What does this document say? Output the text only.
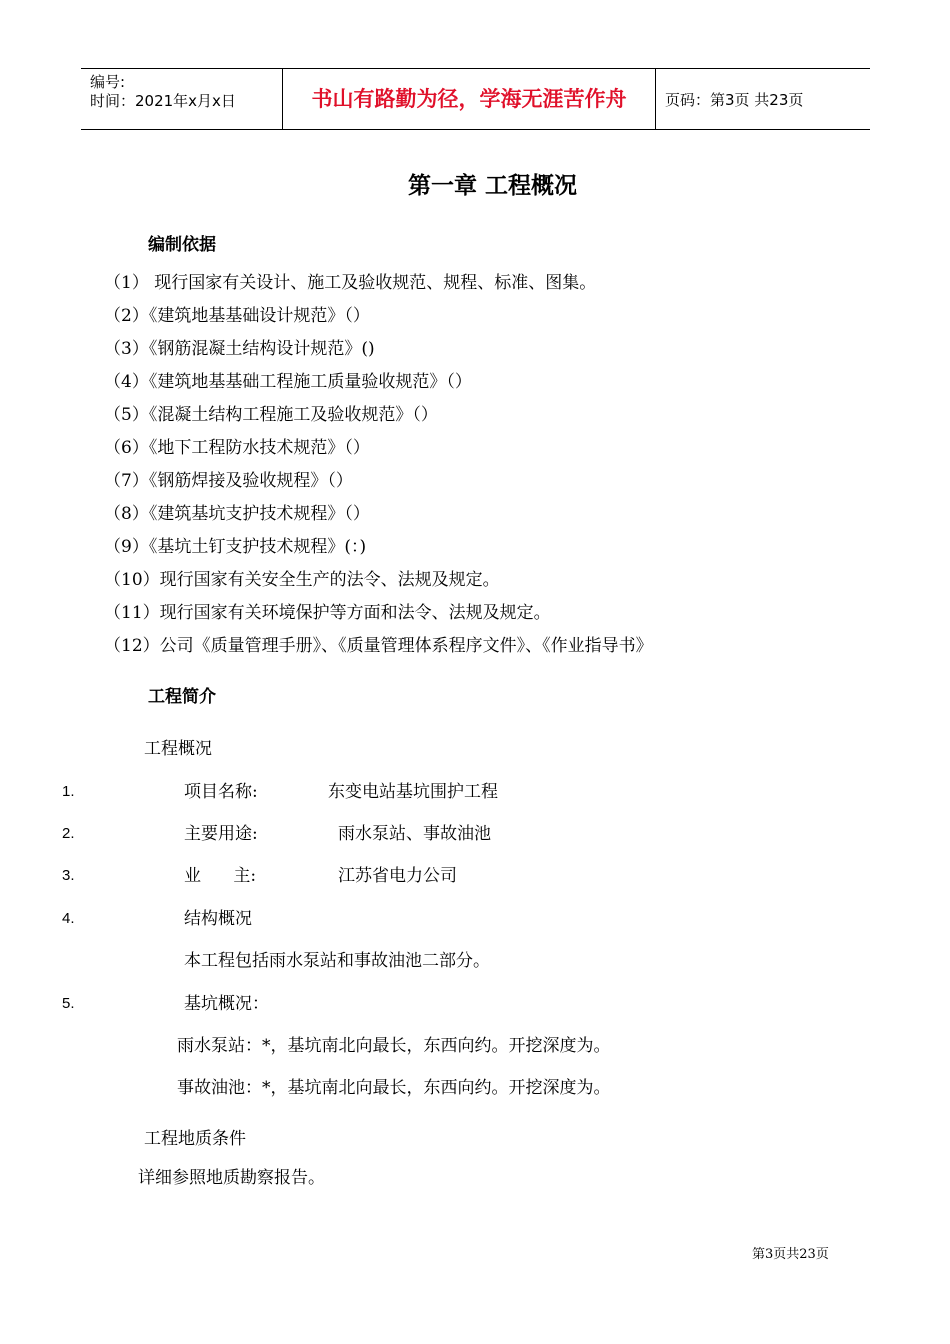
编号:
时间：2021年x月x日	书山有路勤为径，学海无涯苦作舟	页码：第3页 共23页
第一章 工程概况
编制依据
（1） 现行国家有关设计、施工及验收规范、规程、标准、图集。
（2）《建筑地基基础设计规范》（）
（3）《钢筋混凝土结构设计规范》()
（4）《建筑地基基础工程施工质量验收规范》（）
（5）《混凝土结构工程施工及验收规范》（）
（6）《地下工程防水技术规范》（）
（7）《钢筋焊接及验收规程》（）
（8）《建筑基坑支护技术规程》（）
（9）《基坑土钉支护技术规程》(：)
（10）现行国家有关安全生产的法令、法规及规定。
（11）现行国家有关环境保护等方面和法令、法规及规定。
（12）公司《质量管理手册》、《质量管理体系程序文件》、《作业指导书》
工程简介
工程概况
1.	项目名称:	东变电站基坑围护工程
2.	主要用途:	雨水泵站、事故油池
3.	业      主:	江苏省电力公司
4.	结构概况
本工程包括雨水泵站和事故油池二部分。
5.	基坑概况：
雨水泵站：*，基坑南北向最长，东西向约。开挖深度为。
事故油池：*，基坑南北向最长，东西向约。开挖深度为。
工程地质条件
详细参照地质勘察报告。
第3页共23页
